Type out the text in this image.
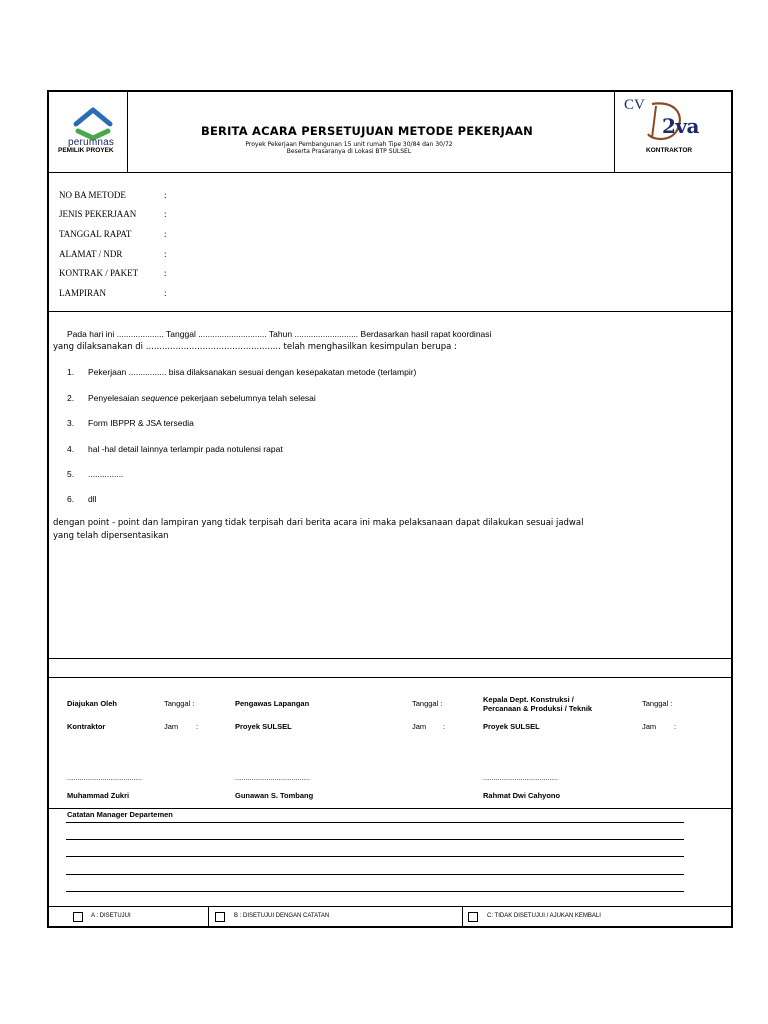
perumnas
PEMILIK PROYEK
BERITA ACARA PERSETUJUAN METODE PEKERJAAN
Proyek Pekerjaan Pembangunan 15 unit rumah Tipe 30/84 dan 30/72
Beserta Prasaranya di Lokasi BTP SULSEL
CV
2va
KONTRAKTOR
NO BA METODE	:
JENIS PEKERJAAN	:
TANGGAL RAPAT	:
ALAMAT / NDR	:
KONTRAK / PAKET	:
LAMPIRAN	:
Pada hari ini .................... Tanggal ............................. Tahun ........................... Berdasarkan hasil rapat koordinasi
yang dilaksanakan di .................................................. telah menghasilkan kesimpulan berupa :
1. Pekerjaan ................ bisa dilaksanakan sesuai dengan kesepakatan metode (terlampir)
2. Penyelesaian sequence pekerjaan sebelumnya telah selesai
3. Form IBPPR & JSA tersedia
4. hal -hal detail lainnya terlampir pada notulensi rapat
5. ...............
6. dll
dengan point - point dan lampiran yang tidak terpisah dari berita acara ini maka pelaksanaan dapat dilakukan sesuai jadwal
yang telah dipersentasikan
Diajukan Oleh	Tanggal :
Kontraktor	Jam :
....................................
Muhammad Zukri
Pengawas Lapangan	Tanggal :
Proyek SULSEL	Jam :
....................................
Gunawan S. Tombang
Kepala Dept. Konstruksi /
Percanaan & Produksi / Teknik
Tanggal :
Proyek SULSEL	Jam :
....................................
Rahmat Dwi Cahyono
Catatan Manager Departemen
A : DISETUJUI	B : DISETUJUI DENGAN CATATAN	C: TIDAK DISETUJUI / AJUKAN KEMBALI
